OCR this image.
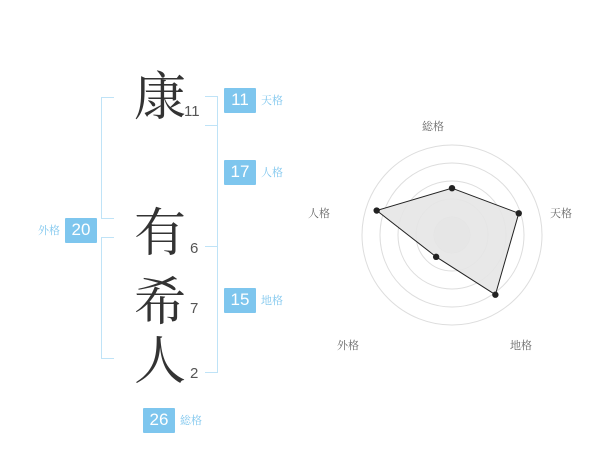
康
11
有 6
希 7
人 2
11	天格
17	人格
15	地格
外格 20
26	総格
総格
天格
地格
外格
人格
